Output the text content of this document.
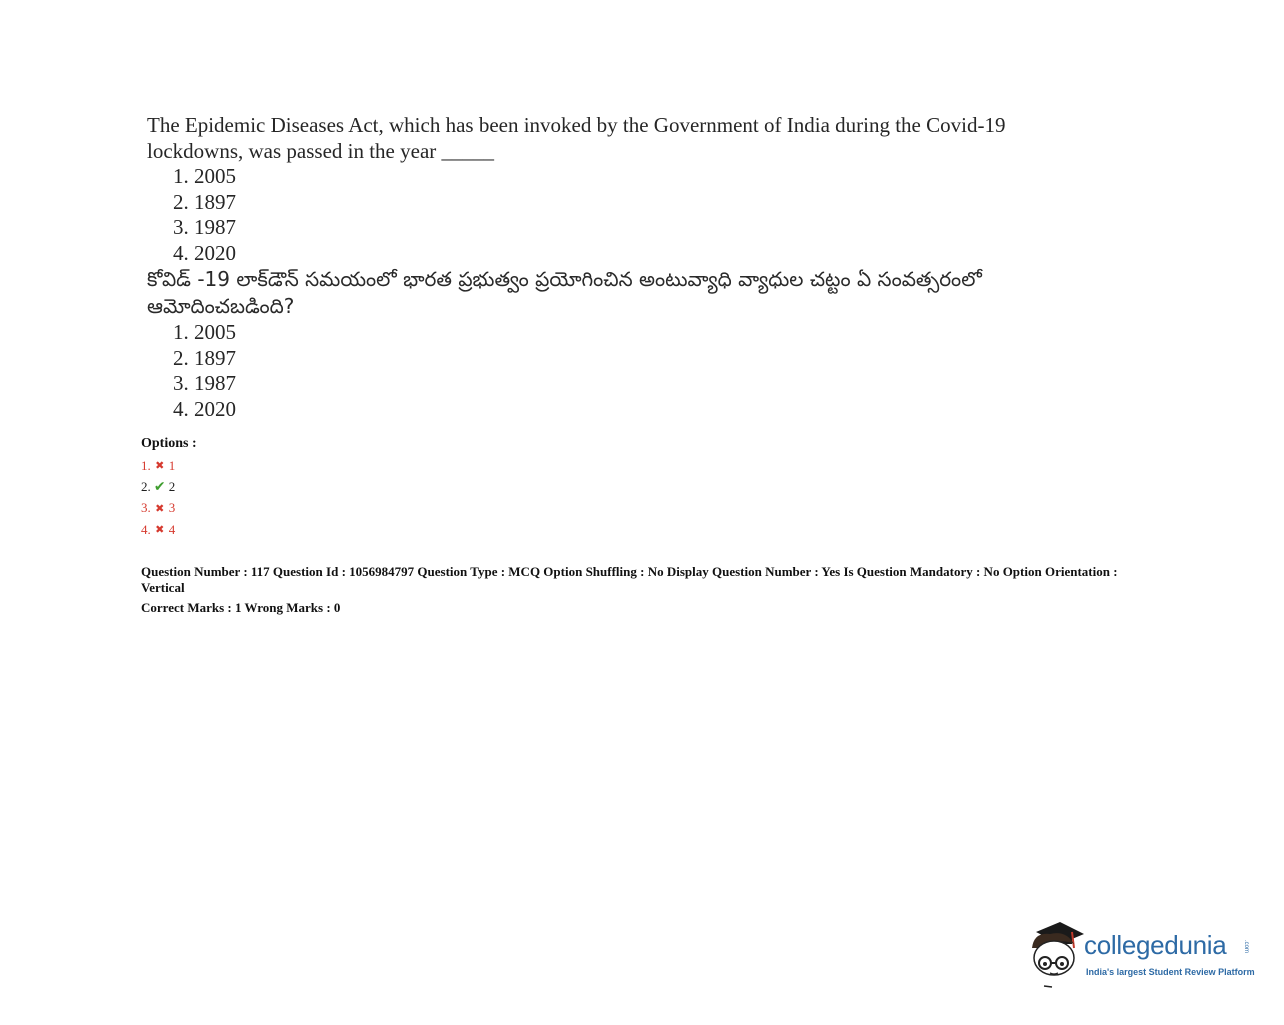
The Epidemic Diseases Act, which has been invoked by the Government of India during the Covid-19 lockdowns, was passed in the year _____

1. 2005
2. 1897
3. 1987
4. 2020

కోవిడ్ -19 లాక్‌డౌన్ సమయంలో భారత ప్రభుత్వం ప్రయోగించిన అంటువ్యాధి వ్యాధుల చట్టం ఏ సంవత్సరంలో ఆమోదించబడింది?

1. 2005
2. 1897
3. 1987
4. 2020
Options :
1. ✖ 1
2. ✔ 2
3. ✖ 3
4. ✖ 4
Question Number : 117 Question Id : 1056984797 Question Type : MCQ Option Shuffling : No Display Question Number : Yes Is Question Mandatory : No Option Orientation : Vertical
Correct Marks : 1 Wrong Marks : 0
collegedunia	.com
India's largest Student Review Platform
